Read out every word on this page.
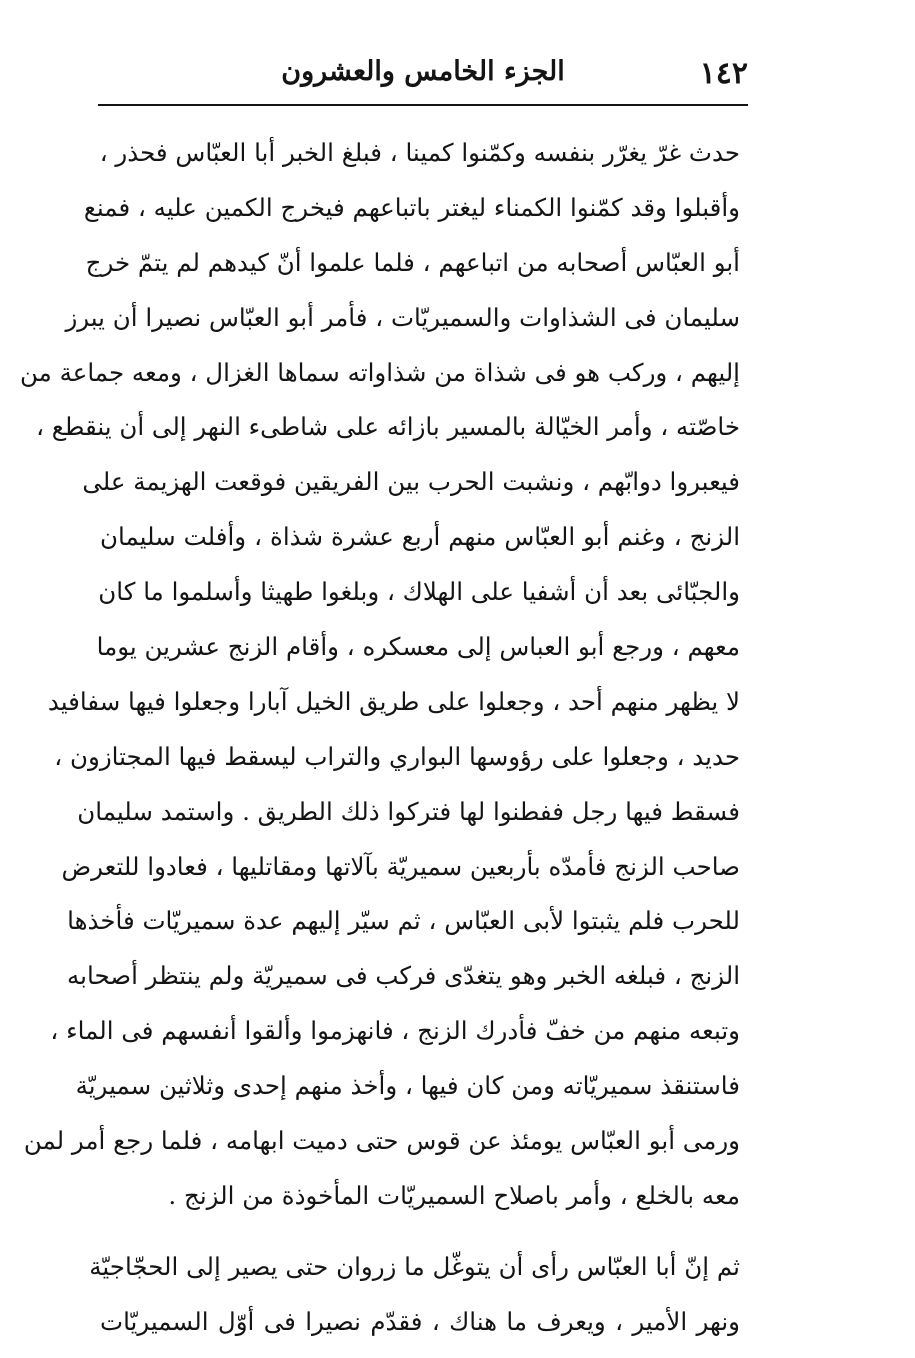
١٤٢
الجزء الخامس والعشرون
حدث غرّ يغرّر بنفسه وكمّنوا كمينا ، فبلغ الخبر أبا العبّاس فحذر ،
وأقبلوا وقد كمّنوا الكمناء ليغتر باتباعهم فيخرج الكمين عليه ، فمنع
أبو العبّاس أصحابه من اتباعهم ، فلما علموا أنّ كيدهم لم يتمّ خرج
سليمان فى الشذاوات والسميريّات ، فأمر أبو العبّاس نصيرا أن يبرز
إليهم ، وركب هو فى شذاة من شذاواته سماها الغزال ، ومعه جماعة من
خاصّته ، وأمر الخيّالة بالمسير بازائه على شاطىء النهر إلى أن ينقطع ،
فيعبروا دوابّهم ، ونشبت الحرب بين الفريقين فوقعت الهزيمة على
الزنج ، وغنم أبو العبّاس منهم أربع عشرة شذاة ، وأفلت سليمان
والجبّائى بعد أن أشفيا على الهلاك ، وبلغوا طهيثا وأسلموا ما كان
معهم ، ورجع أبو العباس إلى معسكره ، وأقام الزنج عشرين يوما
لا يظهر منهم أحد ، وجعلوا على طريق الخيل آبارا وجعلوا فيها سفافيد
حديد ، وجعلوا على رؤوسها البواري والتراب ليسقط فيها المجتازون ،
فسقط فيها رجل ففطنوا لها فتركوا ذلك الطريق . واستمد سليمان
صاحب الزنج فأمدّه بأربعين سميريّة بآلاتها ومقاتليها ، فعادوا للتعرض
للحرب فلم يثبتوا لأبى العبّاس ، ثم سيّر إليهم عدة سميريّات فأخذها
الزنج ، فبلغه الخبر وهو يتغدّى فركب فى سميريّة ولم ينتظر أصحابه
وتبعه منهم من خفّ فأدرك الزنج ، فانهزموا وألقوا أنفسهم فى الماء ،
فاستنقذ سميريّاته ومن كان فيها ، وأخذ منهم إحدى وثلاثين سميريّة
ورمى أبو العبّاس يومئذ عن قوس حتى دميت ابهامه ، فلما رجع أمر لمن
معه بالخلع ، وأمر باصلاح السميريّات المأخوذة من الزنج .
ثم إنّ أبا العبّاس رأى أن يتوغّل ما زروان حتى يصير إلى الحجّاجيّة
ونهر الأمير ، ويعرف ما هناك ، فقدّم نصيرا فى أوّل السميريّات
